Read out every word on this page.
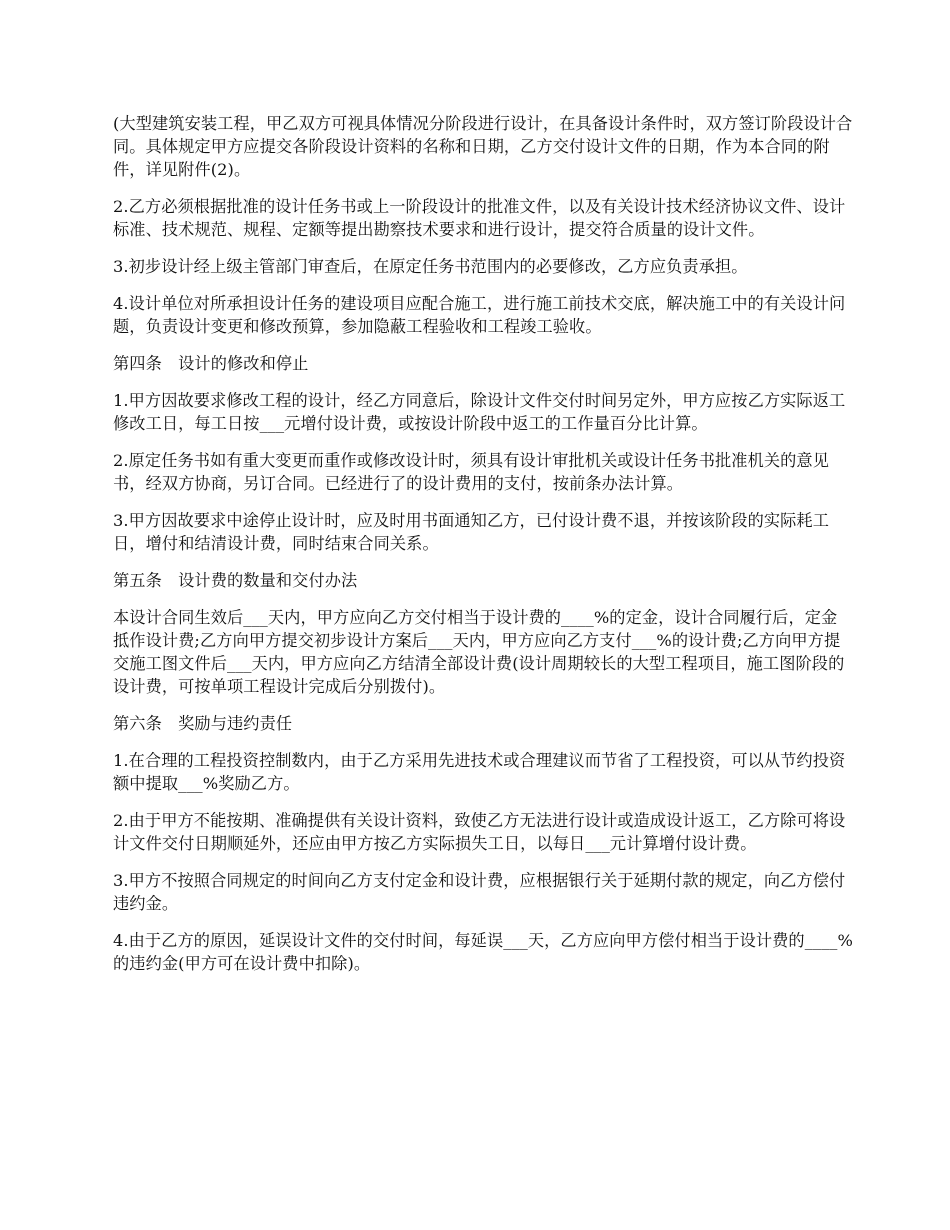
(大型建筑安装工程，甲乙双方可视具体情况分阶段进行设计，在具备设计条件时，双方签订阶段设计合同。具体规定甲方应提交各阶段设计资料的名称和日期，乙方交付设计文件的日期，作为本合同的附件，详见附件(2)。

2.乙方必须根据批准的设计任务书或上一阶段设计的批准文件，以及有关设计技术经济协议文件、设计标准、技术规范、规程、定额等提出勘察技术要求和进行设计，提交符合质量的设计文件。

3.初步设计经上级主管部门审查后，在原定任务书范围内的必要修改，乙方应负责承担。

4.设计单位对所承担设计任务的建设项目应配合施工，进行施工前技术交底，解决施工中的有关设计问题，负责设计变更和修改预算，参加隐蔽工程验收和工程竣工验收。

第四条　设计的修改和停止

1.甲方因故要求修改工程的设计，经乙方同意后，除设计文件交付时间另定外，甲方应按乙方实际返工修改工日，每工日按___元增付设计费，或按设计阶段中返工的工作量百分比计算。

2.原定任务书如有重大变更而重作或修改设计时，须具有设计审批机关或设计任务书批准机关的意见书，经双方协商，另订合同。已经进行了的设计费用的支付，按前条办法计算。

3.甲方因故要求中途停止设计时，应及时用书面通知乙方，已付设计费不退，并按该阶段的实际耗工日，增付和结清设计费，同时结束合同关系。

第五条　设计费的数量和交付办法

本设计合同生效后___天内，甲方应向乙方交付相当于设计费的____%的定金，设计合同履行后，定金抵作设计费;乙方向甲方提交初步设计方案后___天内，甲方应向乙方支付___%的设计费;乙方向甲方提交施工图文件后___天内，甲方应向乙方结清全部设计费(设计周期较长的大型工程项目，施工图阶段的设计费，可按单项工程设计完成后分别拨付)。

第六条　奖励与违约责任

1.在合理的工程投资控制数内，由于乙方采用先进技术或合理建议而节省了工程投资，可以从节约投资额中提取___%奖励乙方。

2.由于甲方不能按期、准确提供有关设计资料，致使乙方无法进行设计或造成设计返工，乙方除可将设计文件交付日期顺延外，还应由甲方按乙方实际损失工日，以每日___元计算增付设计费。

3.甲方不按照合同规定的时间向乙方支付定金和设计费，应根据银行关于延期付款的规定，向乙方偿付违约金。

4.由于乙方的原因，延误设计文件的交付时间，每延误___天，乙方应向甲方偿付相当于设计费的____%的违约金(甲方可在设计费中扣除)。
